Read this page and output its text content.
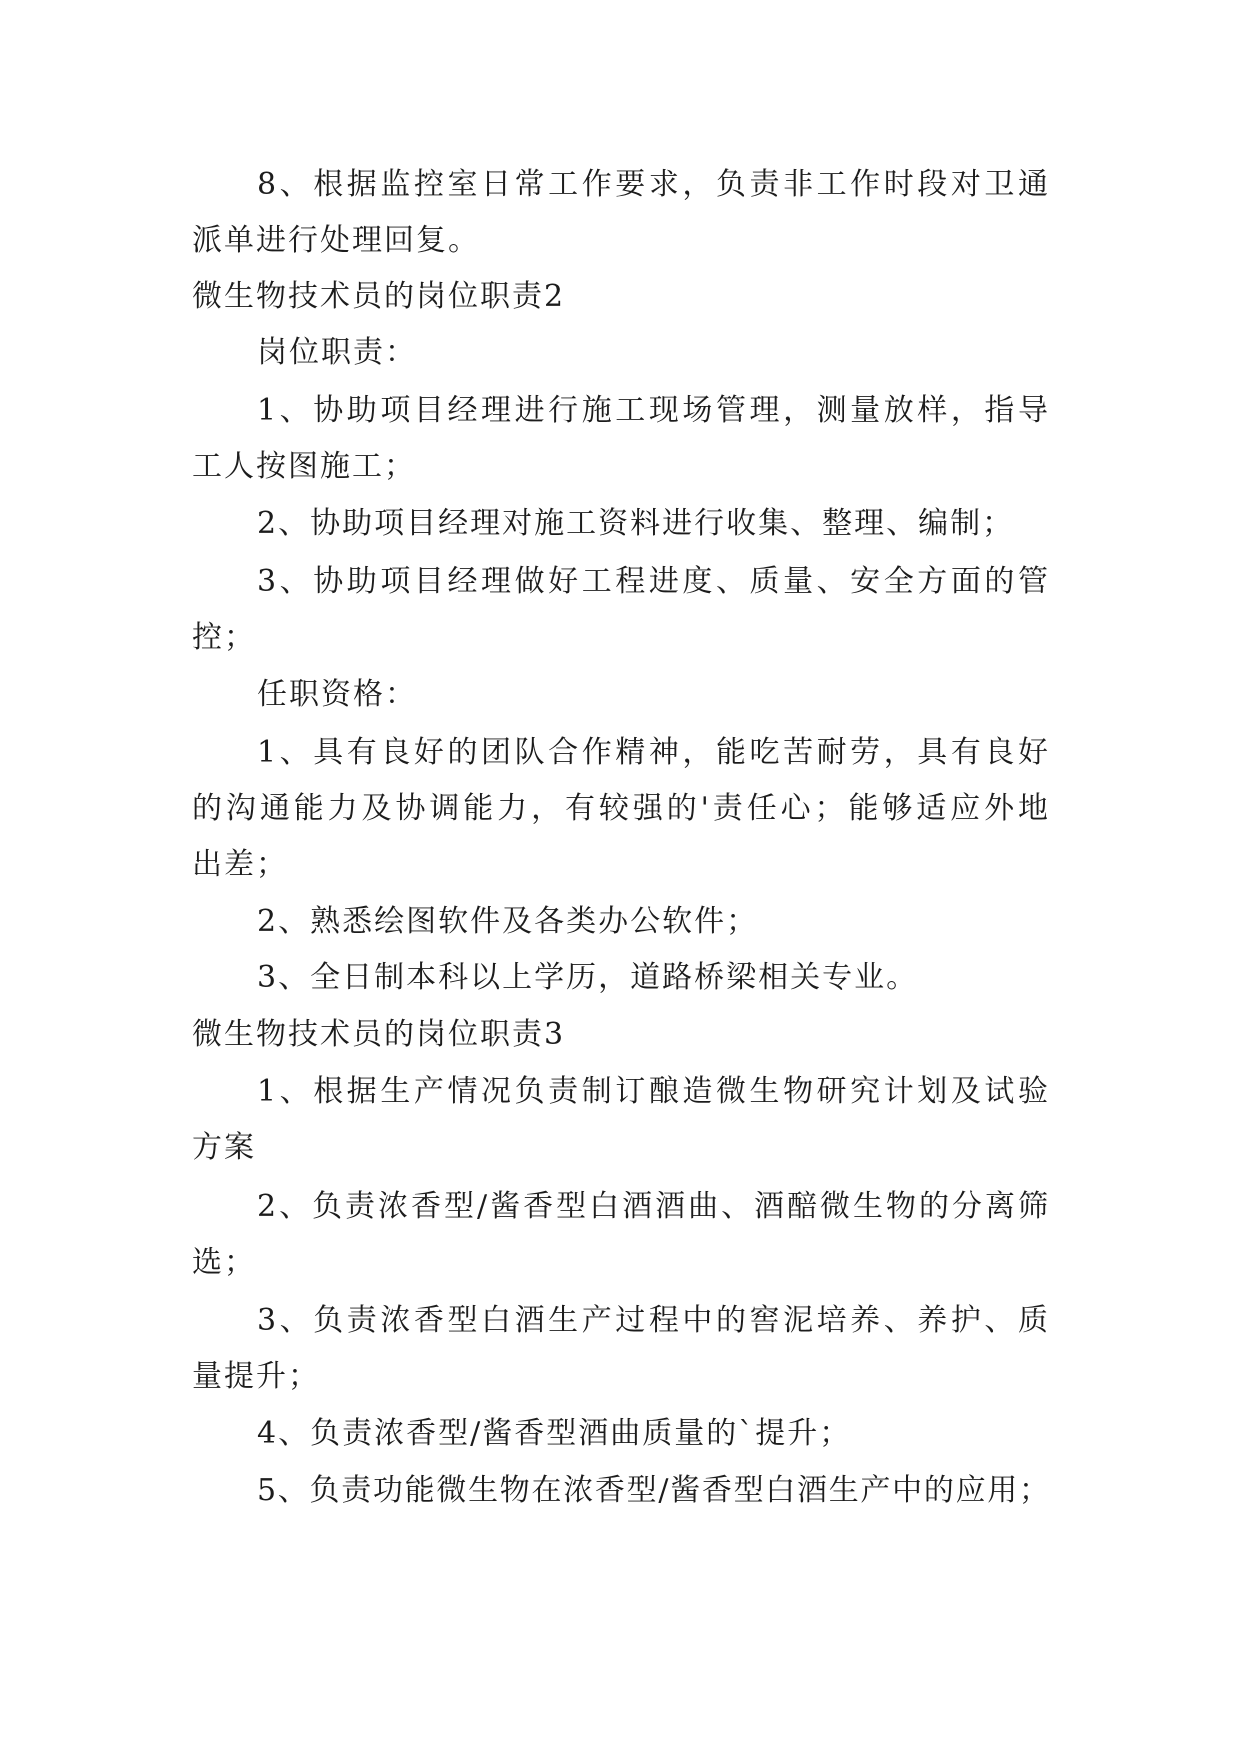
8、根据监控室日常工作要求，负责非工作时段对卫通
派单进行处理回复。
微生物技术员的岗位职责2
岗位职责：
1、协助项目经理进行施工现场管理，测量放样，指导
工人按图施工；
2、协助项目经理对施工资料进行收集、整理、编制；
3、协助项目经理做好工程进度、质量、安全方面的管
控；
任职资格：
1、具有良好的团队合作精神，能吃苦耐劳，具有良好
的沟通能力及协调能力，有较强的'责任心；能够适应外地
出差；
2、熟悉绘图软件及各类办公软件；
3、全日制本科以上学历，道路桥梁相关专业。
微生物技术员的岗位职责3
1、根据生产情况负责制订酿造微生物研究计划及试验
方案
2、负责浓香型/酱香型白酒酒曲、酒醅微生物的分离筛
选；
3、负责浓香型白酒生产过程中的窖泥培养、养护、质
量提升；
4、负责浓香型/酱香型酒曲质量的`提升；
5、负责功能微生物在浓香型/酱香型白酒生产中的应用；
